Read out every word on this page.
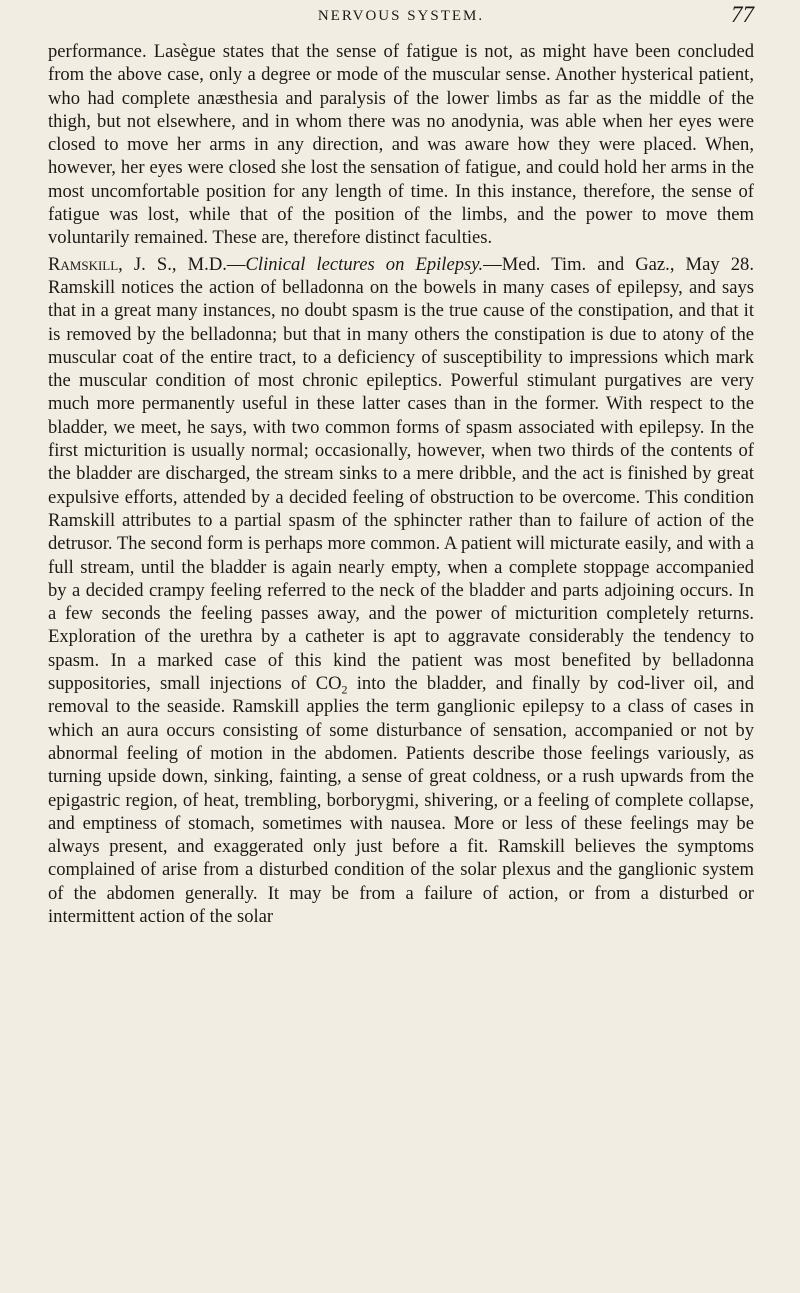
NERVOUS SYSTEM.	77

performance. Lasègue states that the sense of fatigue is not, as might have been concluded from the above case, only a degree or mode of the muscular sense. Another hysterical patient, who had complete anæsthesia and paralysis of the lower limbs as far as the middle of the thigh, but not elsewhere, and in whom there was no anodynia, was able when her eyes were closed to move her arms in any direction, and was aware how they were placed. When, however, her eyes were closed she lost the sensation of fatigue, and could hold her arms in the most uncomfortable position for any length of time. In this instance, therefore, the sense of fatigue was lost, while that of the position of the limbs, and the power to move them voluntarily remained. These are, therefore distinct faculties.

Ramskill, J. S., M.D.—Clinical lectures on Epilepsy.—Med. Tim. and Gaz., May 28. Ramskill notices the action of belladonna on the bowels in many cases of epilepsy, and says that in a great many instances, no doubt spasm is the true cause of the constipation, and that it is removed by the belladonna; but that in many others the constipation is due to atony of the muscular coat of the entire tract, to a deficiency of susceptibility to impressions which mark the muscular condition of most chronic epileptics. Powerful stimulant purgatives are very much more permanently useful in these latter cases than in the former. With respect to the bladder, we meet, he says, with two common forms of spasm associated with epilepsy. In the first micturition is usually normal; occasionally, however, when two thirds of the contents of the bladder are discharged, the stream sinks to a mere dribble, and the act is finished by great expulsive efforts, attended by a decided feeling of obstruction to be overcome. This condition Ramskill attributes to a partial spasm of the sphincter rather than to failure of action of the detrusor. The second form is perhaps more common. A patient will micturate easily, and with a full stream, until the bladder is again nearly empty, when a complete stoppage accompanied by a decided crampy feeling referred to the neck of the bladder and parts adjoining occurs. In a few seconds the feeling passes away, and the power of micturition completely returns. Exploration of the urethra by a catheter is apt to aggravate considerably the tendency to spasm. In a marked case of this kind the patient was most benefited by belladonna suppositories, small injections of $CO_2$ into the bladder, and finally by cod-liver oil, and removal to the seaside. Ramskill applies the term ganglionic epilepsy to a class of cases in which an aura occurs consisting of some disturbance of sensation, accompanied or not by abnormal feeling of motion in the abdomen. Patients describe those feelings variously, as turning upside down, sinking, fainting, a sense of great coldness, or a rush upwards from the epigastric region, of heat, trembling, borborygmi, shivering, or a feeling of complete collapse, and emptiness of stomach, sometimes with nausea. More or less of these feelings may be always present, and exaggerated only just before a fit. Ramskill believes the symptoms complained of arise from a disturbed condition of the solar plexus and the ganglionic system of the abdomen generally. It may be from a failure of action, or from a disturbed or intermittent action of the solar
